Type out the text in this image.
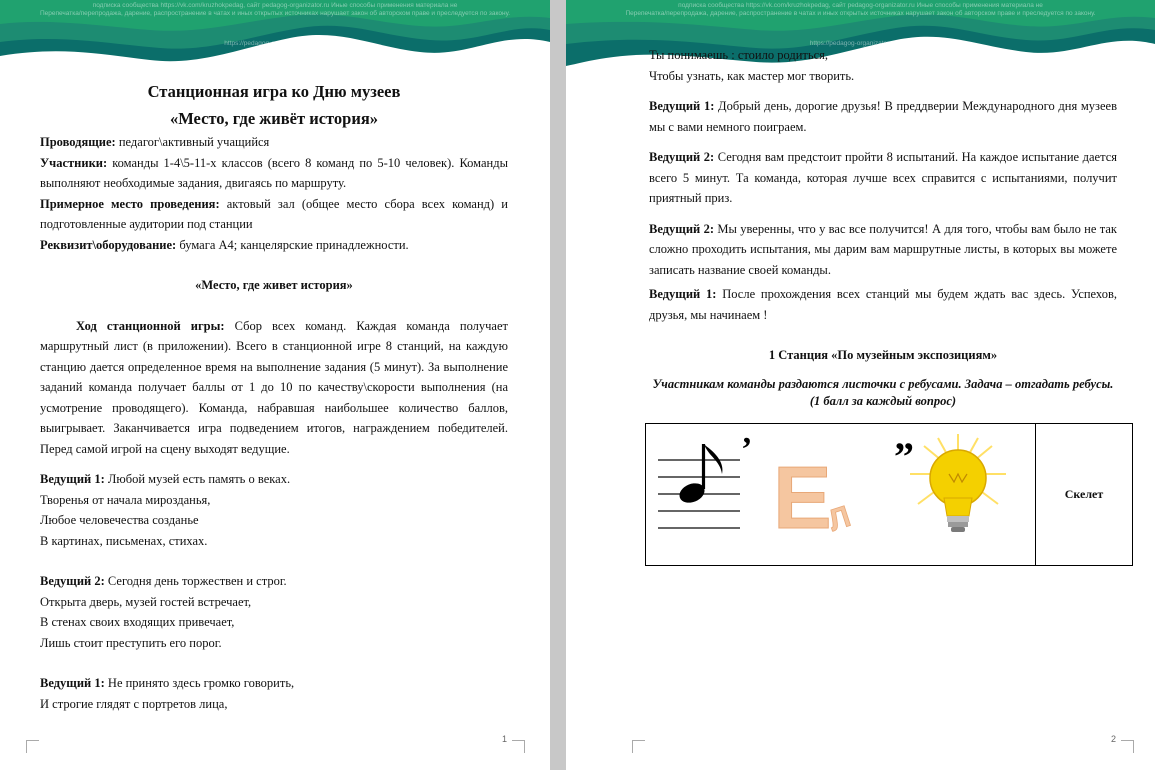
подписка сообщества https://vk.com/kruzhokpedag, сайт pedagog-organizator.ru Иные способы применения материала не
Перепечатка/перепродажа, дарение, распространение в чатах и иных открытых источниках нарушает закон об авторском праве и преследуется по закону.
https://pedagog-organizator.ru/offer

Станционная игра ко Дню музеев

«Место, где живёт история»

Проводящие: педагог\активный учащийся

Участники: команды 1-4\5-11-х классов (всего 8 команд по 5-10 человек). Команды выполняют необходимые задания, двигаясь по маршруту.

Примерное место проведения: актовый зал (общее место сбора всех команд) и подготовленные аудитории под станции

Реквизит\оборудование: бумага А4; канцелярские принадлежности.

«Место, где живет история»

Ход станционной игры: Сбор всех команд. Каждая команда получает маршрутный лист (в приложении). Всего в станционной игре 8 станций, на каждую станцию дается определенное время на выполнение задания (5 минут). За выполнение заданий команда получает баллы от 1 до 10 по качеству\скорости выполнения (на усмотрение проводящего). Команда, набравшая наибольшее количество баллов, выигрывает. Заканчивается игра подведением итогов, награждением победителей. Перед самой игрой на сцену выходят ведущие.

Ведущий 1: Любой музей есть память о веках.

Творенья от начала мирозданья,

Любое человечества созданье

В картинах, письменах, стихах.

Ведущий 2: Сегодня день торжествен и строг.

Открыта дверь, музей гостей встречает,

В стенах своих входящих привечает,

Лишь стоит преступить его порог.

Ведущий 1: Не принято здесь громко говорить,

И строгие глядят с портретов лица,

1
подписка сообщества https://vk.com/kruzhokpedag, сайт pedagog-organizator.ru Иные способы применения материала не
Перепечатка/перепродажа, дарение, распространение в чатах и иных открытых источниках нарушает закон об авторском праве и преследуется по закону.
https://pedagog-organizator.ru/offer

Ты понимаешь : стоило родиться,

Чтобы узнать, как мастер мог творить.

Ведущий 1: Добрый день, дорогие друзья! В преддверии Международного дня музеев мы с вами немного поиграем.

Ведущий 2: Сегодня вам предстоит пройти 8 испытаний. На каждое испытание дается всего 5 минут. Та команда, которая лучше всех справится с испытаниями, получит приятный приз.

Ведущий 2: Мы уверенны, что у вас все получится! А для того, чтобы вам было не так сложно проходить испытания, мы дарим вам маршрутные листы, в которых вы можете записать название своей команды.

Ведущий 1: После прохождения всех станций мы будем ждать вас здесь. Успехов, друзья, мы начинаем !

1 Станция «По музейным экспозициям»

Участникам команды раздаются листочки с ребусами. Задача – отгадать ребусы. (1 балл за каждый вопрос)

’ Е
Л
”
Скелет
2
